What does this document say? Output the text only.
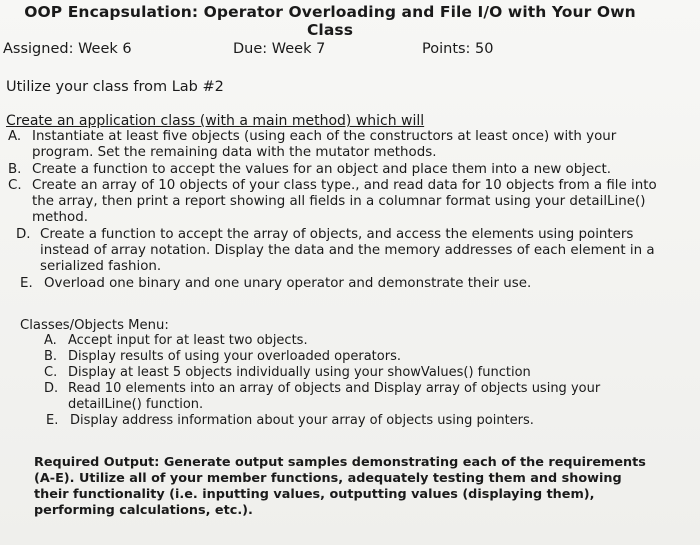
OOP Encapsulation: Operator Overloading and File I/O with Your Own Class
Assigned: Week 6	Due: Week 7	Points: 50
Utilize your class from Lab #2
Create an application class (with a main method) which will
A. Instantiate at least five objects (using each of the constructors at least once) with your
program. Set the remaining data with the mutator methods.
B. Create a function to accept the values for an object and place them into a new object.
C. Create an array of 10 objects of your class type., and read data for 10 objects from a file into
the array, then print a report showing all fields in a columnar format using your detailLine()
method.
D. Create a function to accept the array of objects, and access the elements using pointers
instead of array notation. Display the data and the memory addresses of each element in a
serialized fashion.
E. Overload one binary and one unary operator and demonstrate their use.
Classes/Objects Menu:
A. Accept input for at least two objects.
B. Display results of using your overloaded operators.
C. Display at least 5 objects individually using your showValues() function
D. Read 10 elements into an array of objects and Display array of objects using your
detailLine() function.
E. Display address information about your array of objects using pointers.
Required Output: Generate output samples demonstrating each of the requirements
(A-E). Utilize all of your member functions, adequately testing them and showing
their functionality (i.e. inputting values, outputting values (displaying them),
performing calculations, etc.).
